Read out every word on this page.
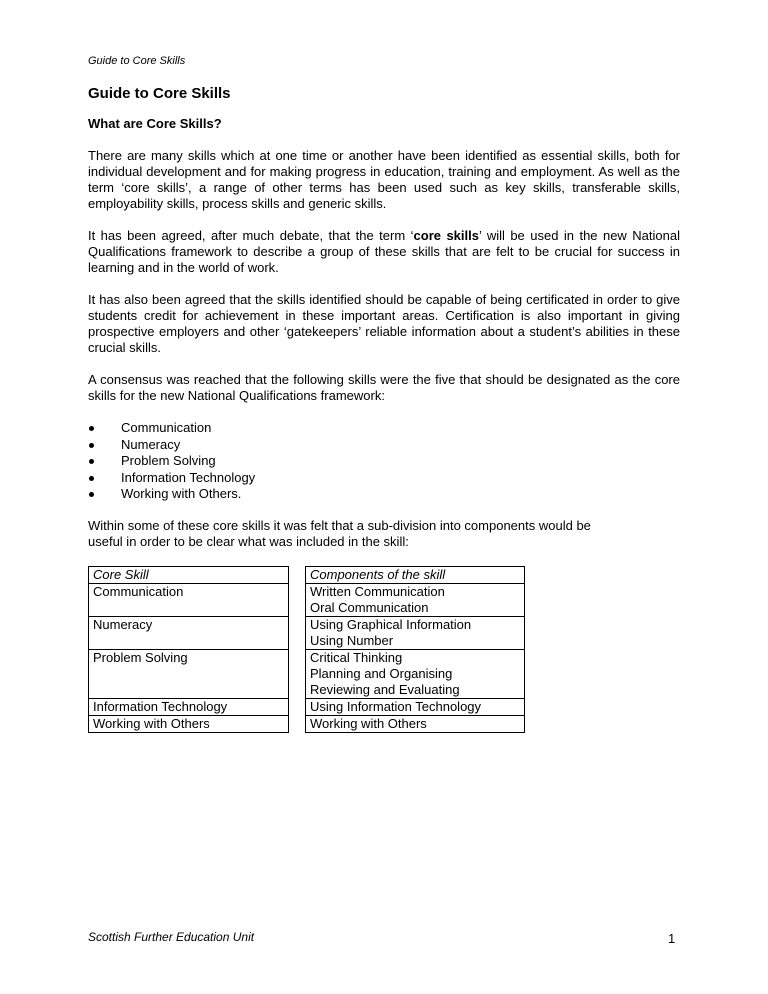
Guide to Core Skills
Guide to Core Skills
What are Core Skills?

There are many skills which at one time or another have been identified as essential skills, both for individual development and for making progress in education, training and employment. As well as the term ‘core skills’, a range of other terms has been used such as key skills, transferable skills, employability skills, process skills and generic skills.

It has been agreed, after much debate, that the term ‘core skills’ will be used in the new National Qualifications framework to describe a group of these skills that are felt to be crucial for success in learning and in the world of work.

It has also been agreed that the skills identified should be capable of being certificated in order to give students credit for achievement in these important areas. Certification is also important in giving prospective employers and other ‘gatekeepers’ reliable information about a student’s abilities in these crucial skills.

A consensus was reached that the following skills were the five that should be designated as the core skills for the new National Qualifications framework:

Communication
Numeracy
Problem Solving
Information Technology
Working with Others.

Within some of these core skills it was felt that a sub-division into components would be useful in order to be clear what was included in the skill:

Core Skill		Components of the skill
Communication		Written Communication
Oral Communication

Numeracy		Using Graphical Information
Using Number

Problem Solving		Critical Thinking
Planning and Organising
Reviewing and Evaluating

Information Technology		Using Information Technology

Working with Others		Working with Others
Scottish Further Education Unit	1
